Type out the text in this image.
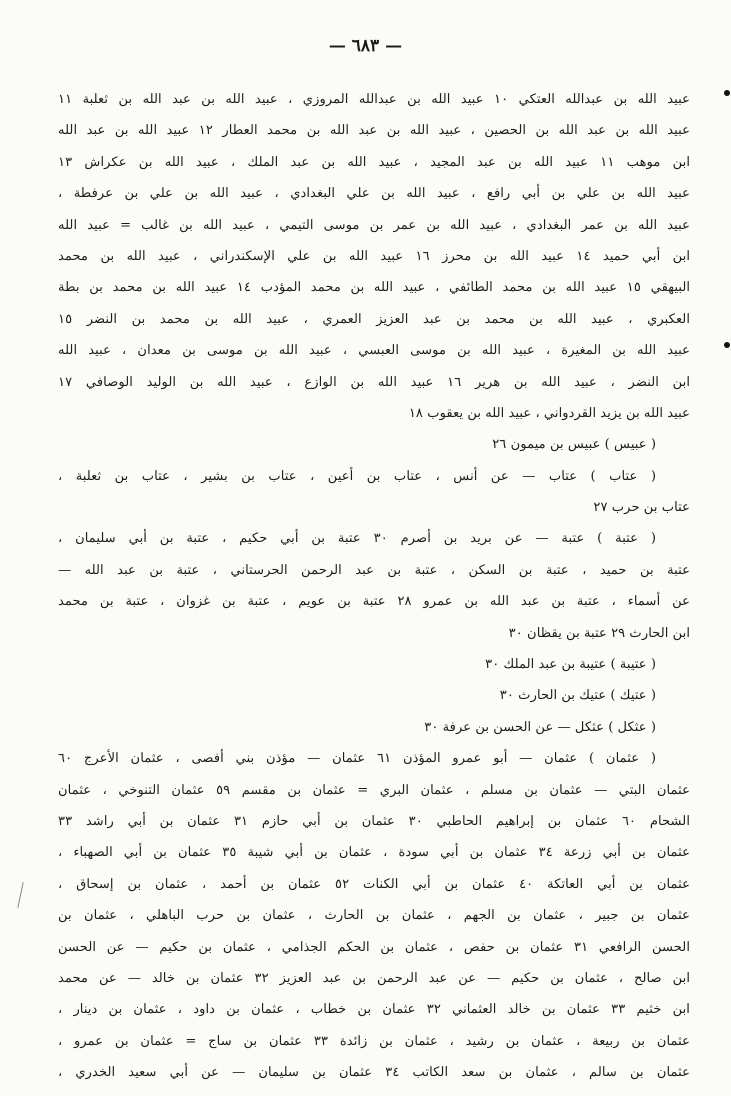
— ٦٨٣ —
عبيد الله بن عبدالله العتكي ١٠ عبيد الله بن عبدالله المروزي ، عبيد الله بن عبد الله بن ثعلبة ١١
عبيد الله بن عبد الله بن الحصين ، عبيد الله بن عبد الله بن محمد العطار ١٢ عبيد الله بن عبد الله
ابن موهب ١١ عبيد الله بن عبد المجيد ، عبيد الله بن عبد الملك ، عبيد الله بن عكراش ١٣
عبيد الله بن علي بن أبي رافع ، عبيد الله بن علي البغدادي ، عبيد الله بن علي بن عرفطة ،
عبيد الله بن عمر البغدادي ، عبيد الله بن عمر بن موسى التيمي ، عبيد الله بن غالب = عبيد الله
ابن أبي حميد ١٤ عبيد الله بن محرز ١٦ عبيد الله بن علي الإسكندراني ، عبيد الله بن محمد
البيهقي ١٥ عبيد الله بن محمد الطائفي ، عبيد الله بن محمد المؤدب ١٤ عبيد الله بن محمد بن بطة
العكبري ، عبيد الله بن محمد بن عبد العزيز العمري ، عبيد الله بن محمد بن النضر ١٥
عبيد الله بن المغيرة ، عبيد الله بن موسى العبسي ، عبيد الله بن موسى بن معدان ، عبيد الله
ابن النضر ، عبيد الله بن هرير ١٦ عبيد الله بن الوازع ، عبيد الله بن الوليد الوصافي ١٧
عبيد الله بن يزيد القردواني ، عبيد الله بن يعقوب ١٨
( عبيس ) عبيس بن ميمون ٢٦
( عتاب ) عتاب — عن أنس ، عتاب بن أعين ، عتاب بن بشير ، عتاب بن ثعلبة ،
عتاب بن حرب ٢٧
( عتبة ) عتبة — عن بريد بن أصرم ٣٠ عتبة بن أبي حكيم ، عتبة بن أبي سليمان ،
عتبة بن حميد ، عتبة بن السكن ، عتبة بن عبد الرحمن الحرستاني ، عتبة بن عبد الله —
عن أسماء ، عتبة بن عبد الله بن عمرو ٢٨ عتبة بن عويم ، عتبة بن غزوان ، عتبة بن محمد
ابن الحارث ٢٩ عتبة بن يقظان ٣٠
( عتيبة ) عتيبة بن عبد الملك ٣٠
( عتيك ) عتيك بن الحارث ٣٠
( عثكل ) عثكل — عن الحسن بن عرفة ٣٠
( عثمان ) عثمان — أبو عمرو المؤذن ٦١ عثمان — مؤذن بني أفصى ، عثمان الأعرج ٦٠
عثمان البتي — عثمان بن مسلم ، عثمان البري = عثمان بن مقسم ٥٩ عثمان التنوخي ، عثمان
الشحام ٦٠ عثمان بن إبراهيم الحاطبي ٣٠ عثمان بن أبي حازم ٣١ عثمان بن أبي راشد ٣٣
عثمان بن أبي زرعة ٣٤ عثمان بن أبي سودة ، عثمان بن أبي شيبة ٣٥ عثمان بن أبي الصهباء ،
عثمان بن أبي العاتكة ٤٠ عثمان بن أبي الكنات ٥٢ عثمان بن أحمد ، عثمان بن إسحاق ،
عثمان بن جبير ، عثمان بن الجهم ، عثمان بن الحارث ، عثمان بن حرب الباهلي ، عثمان بن
الحسن الرافعي ٣١ عثمان بن حفص ، عثمان بن الحكم الجذامي ، عثمان بن حكيم — عن الحسن
ابن صالح ، عثمان بن حكيم — عن عبد الرحمن بن عبد العزيز ٣٢ عثمان بن خالد — عن محمد
ابن خثيم ٣٣ عثمان بن خالد العثماني ٣٢ عثمان بن خطاب ، عثمان بن داود ، عثمان بن دينار ،
عثمان بن ربيعة ، عثمان بن رشيد ، عثمان بن زائدة ٣٣ عثمان بن ساج = عثمان بن عمرو ،
عثمان بن سالم ، عثمان بن سعد الكاتب ٣٤ عثمان بن سليمان — عن أبي سعيد الخدري ،
